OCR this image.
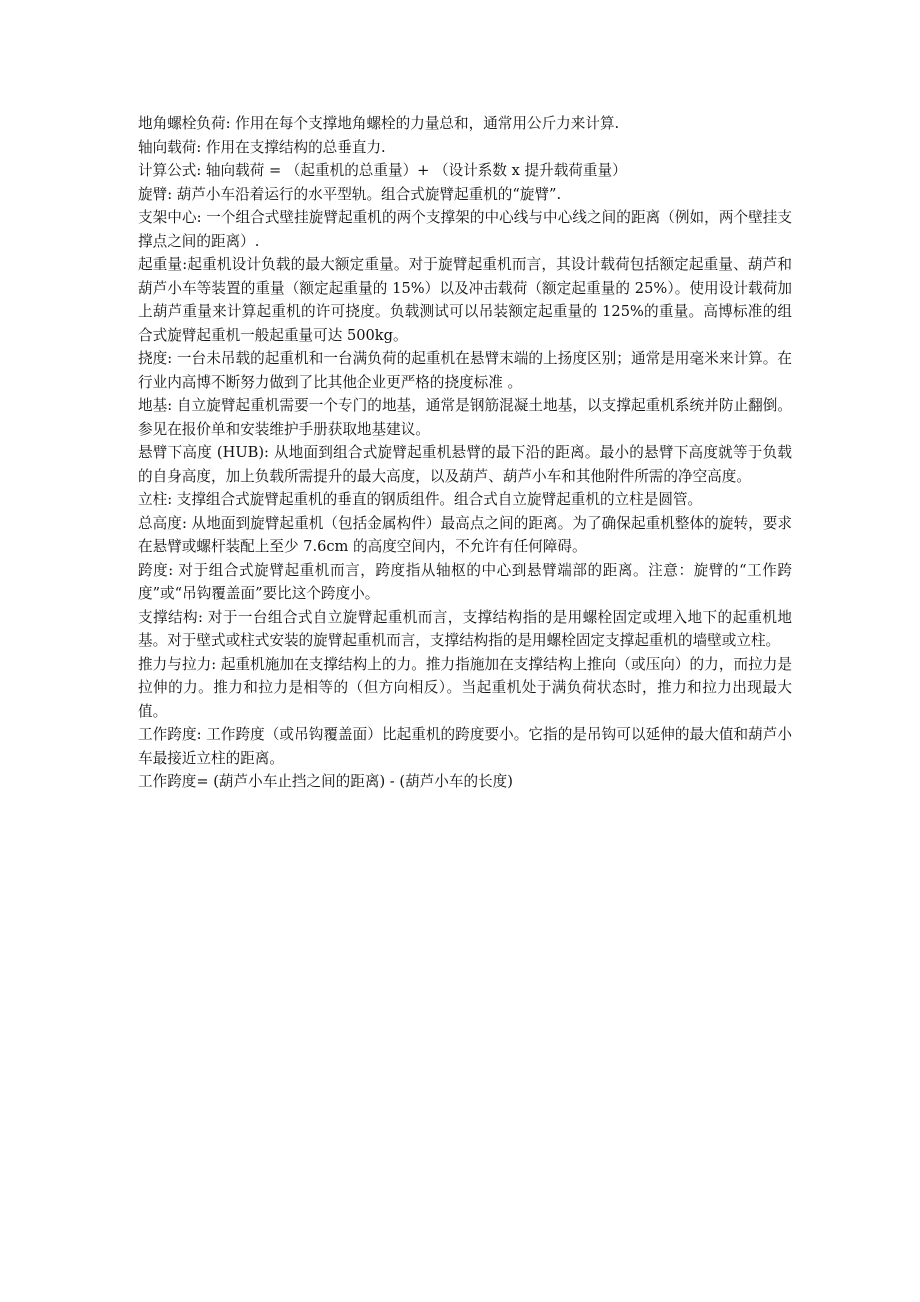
地角螺栓负荷: 作用在每个支撑地角螺栓的力量总和，通常用公斤力来计算.

轴向载荷: 作用在支撑结构的总垂直力.

计算公式: 轴向载荷 = （起重机的总重量）+ （设计系数 x 提升载荷重量）

旋臂: 葫芦小车沿着运行的水平型轨。组合式旋臂起重机的“旋臂”.

支架中心: 一个组合式壁挂旋臂起重机的两个支撑架的中心线与中心线之间的距离（例如，两个壁挂支撑点之间的距离）.

起重量:起重机设计负载的最大额定重量。对于旋臂起重机而言，其设计载荷包括额定起重量、葫芦和葫芦小车等装置的重量（额定起重量的 15%）以及冲击载荷（额定起重量的 25%）。使用设计载荷加上葫芦重量来计算起重机的许可挠度。负载测试可以吊装额定起重量的 125%的重量。高博标准的组合式旋臂起重机一般起重量可达 500kg。

挠度: 一台未吊载的起重机和一台满负荷的起重机在悬臂末端的上扬度区别；通常是用毫米来计算。在行业内高博不断努力做到了比其他企业更严格的挠度标准 。

地基: 自立旋臂起重机需要一个专门的地基，通常是钢筋混凝土地基，以支撑起重机系统并防止翻倒。参见在报价单和安装维护手册获取地基建议。

悬臂下高度 (HUB): 从地面到组合式旋臂起重机悬臂的最下沿的距离。最小的悬臂下高度就等于负载的自身高度，加上负载所需提升的最大高度，以及葫芦、葫芦小车和其他附件所需的净空高度。

立柱: 支撑组合式旋臂起重机的垂直的钢质组件。组合式自立旋臂起重机的立柱是圆管。

总高度: 从地面到旋臂起重机（包括金属构件）最高点之间的距离。为了确保起重机整体的旋转，要求在悬臂或螺杆装配上至少 7.6cm 的高度空间内，不允许有任何障碍。

跨度: 对于组合式旋臂起重机而言，跨度指从轴枢的中心到悬臂端部的距离。注意：旋臂的“工作跨度”或“吊钩覆盖面”要比这个跨度小。

支撑结构: 对于一台组合式自立旋臂起重机而言，支撑结构指的是用螺栓固定或埋入地下的起重机地基。对于壁式或柱式安装的旋臂起重机而言，支撑结构指的是用螺栓固定支撑起重机的墙壁或立柱。

推力与拉力: 起重机施加在支撑结构上的力。推力指施加在支撑结构上推向（或压向）的力，而拉力是拉伸的力。推力和拉力是相等的（但方向相反）。当起重机处于满负荷状态时，推力和拉力出现最大值。

工作跨度: 工作跨度（或吊钩覆盖面）比起重机的跨度要小。它指的是吊钩可以延伸的最大值和葫芦小车最接近立柱的距离。

工作跨度= (葫芦小车止挡之间的距离) - (葫芦小车的长度)
